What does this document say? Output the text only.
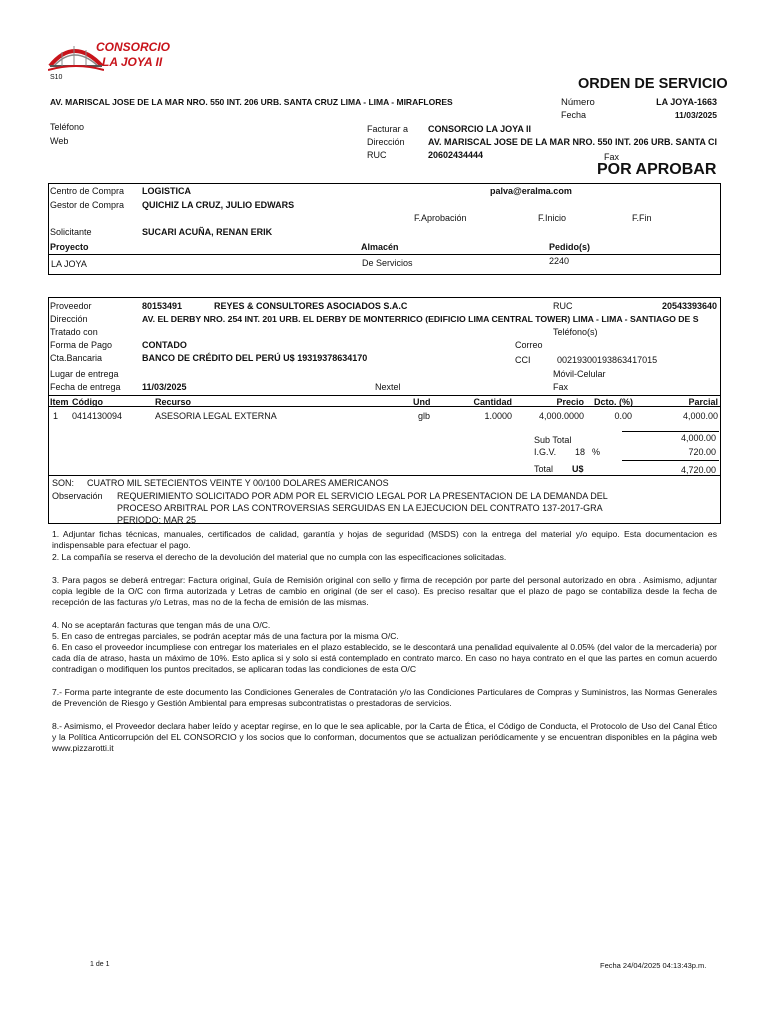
CONSORCIO
LA JOYA II
S10
AV. MARISCAL JOSE DE LA MAR NRO. 550 INT. 206 URB. SANTA CRUZ LIMA - LIMA - MIRAFLORES
ORDEN DE SERVICIO
Número	LA JOYA-1663
Fecha	11/03/2025
Teléfono
Web
Facturar a CONSORCIO LA JOYA II
Dirección	AV. MARISCAL JOSE DE LA MAR NRO. 550 INT. 206 URB. SANTA CI
RUC	20602434444	Fax
POR APROBAR
Centro de Compra LOGISTICA	palva@eralma.com
Gestor de Compra QUICHIZ LA CRUZ, JULIO EDWARS
F.Aprobación	F.Inicio	F.Fin
Solicitante	SUCARI ACUÑA, RENAN ERIK
Proyecto	Almacén	Pedido(s)
LA JOYA	De Servicios	2240
Proveedor	80153491	REYES & CONSULTORES ASOCIADOS S.A.C	RUC	20543393640
Dirección	AV. EL DERBY NRO. 254 INT. 201 URB. EL DERBY DE MONTERRICO (EDIFICIO LIMA CENTRAL TOWER) LIMA - LIMA - SANTIAGO DE S
Tratado con	Teléfono(s)
Forma de Pago	CONTADO	Correo
Cta.Bancaria	BANCO DE CRÉDITO DEL PERÚ U$ 19319378634170	CCI	00219300193863417015
Lugar de entrega	Móvil-Celular
Fecha de entrega 11/03/2025	Nextel	Fax
Item Código	Recurso	Und	Cantidad	Precio Dcto. (%)	Parcial
1 0414130094	ASESORIA LEGAL EXTERNA	glb	1.0000	4,000.0000	0.00	4,000.00
Sub Total	4,000.00
I.G.V. 18 %	720.00
Total U$	4,720.00
SON: CUATRO MIL SETECIENTOS VEINTE Y 00/100 DOLARES AMERICANOS
Observación REQUERIMIENTO SOLICITADO POR ADM POR EL SERVICIO LEGAL POR LA PRESENTACION DE LA DEMANDA DEL
PROCESO ARBITRAL POR LAS CONTROVERSIAS SERGUIDAS EN LA EJECUCION DEL CONTRATO 137-2017-GRA
PERIODO: MAR 25
1. Adjuntar fichas técnicas, manuales, certificados de calidad, garantía y hojas de seguridad (MSDS) con la entrega del material y/o equipo. Esta documentacion es indispensable para efectuar el pago.
2. La compañía se reserva el derecho de la devolución del material que no cumpla con las especificaciones solicitadas.
3. Para pagos se deberá entregar: Factura original, Guía de Remisión original con sello y firma de recepción por parte del personal autorizado en obra . Asimismo, adjuntar copia legible de la O/C con firma autorizada y Letras de cambio en original (de ser el caso). Es preciso resaltar que el plazo de pago se contabiliza desde la fecha de recepción de las facturas y/o Letras, mas no de la fecha de emisión de las mismas.
4. No se aceptarán facturas que tengan más de una O/C.
5. En caso de entregas parciales, se podrán aceptar más de una factura por la misma O/C.
6. En caso el proveedor incumpliese con entregar los materiales en el plazo establecido, se le descontará una penalidad equivalente al 0.05% (del valor de la mercaderia) por cada día de atraso, hasta un máximo de 10%. Esto aplica si y solo si está contemplado en contrato marco. En caso no haya contrato en el que las partes en comun acuerdo contradigan o modifiquen los puntos precitados, se aplicaran todas las condiciones de esta O/C
7.- Forma parte integrante de este documento las Condiciones Generales de Contratación y/o las Condiciones Particulares de Compras y Suministros, las Normas Generales de Prevención de Riesgo y Gestión Ambiental para empresas subcontratistas o prestadoras de servicios.
8.- Asimismo, el Proveedor declara haber leído y aceptar regirse, en lo que le sea aplicable, por la Carta de Ética, el Código de Conducta, el Protocolo de Uso del Canal Ético y la Política Anticorrupción del EL CONSORCIO y los socios que lo conforman, documentos que se actualizan periódicamente y se encuentran disponibles en la página web www.pizzarotti.it
1 de 1	Fecha 24/04/2025 04:13:43p.m.
